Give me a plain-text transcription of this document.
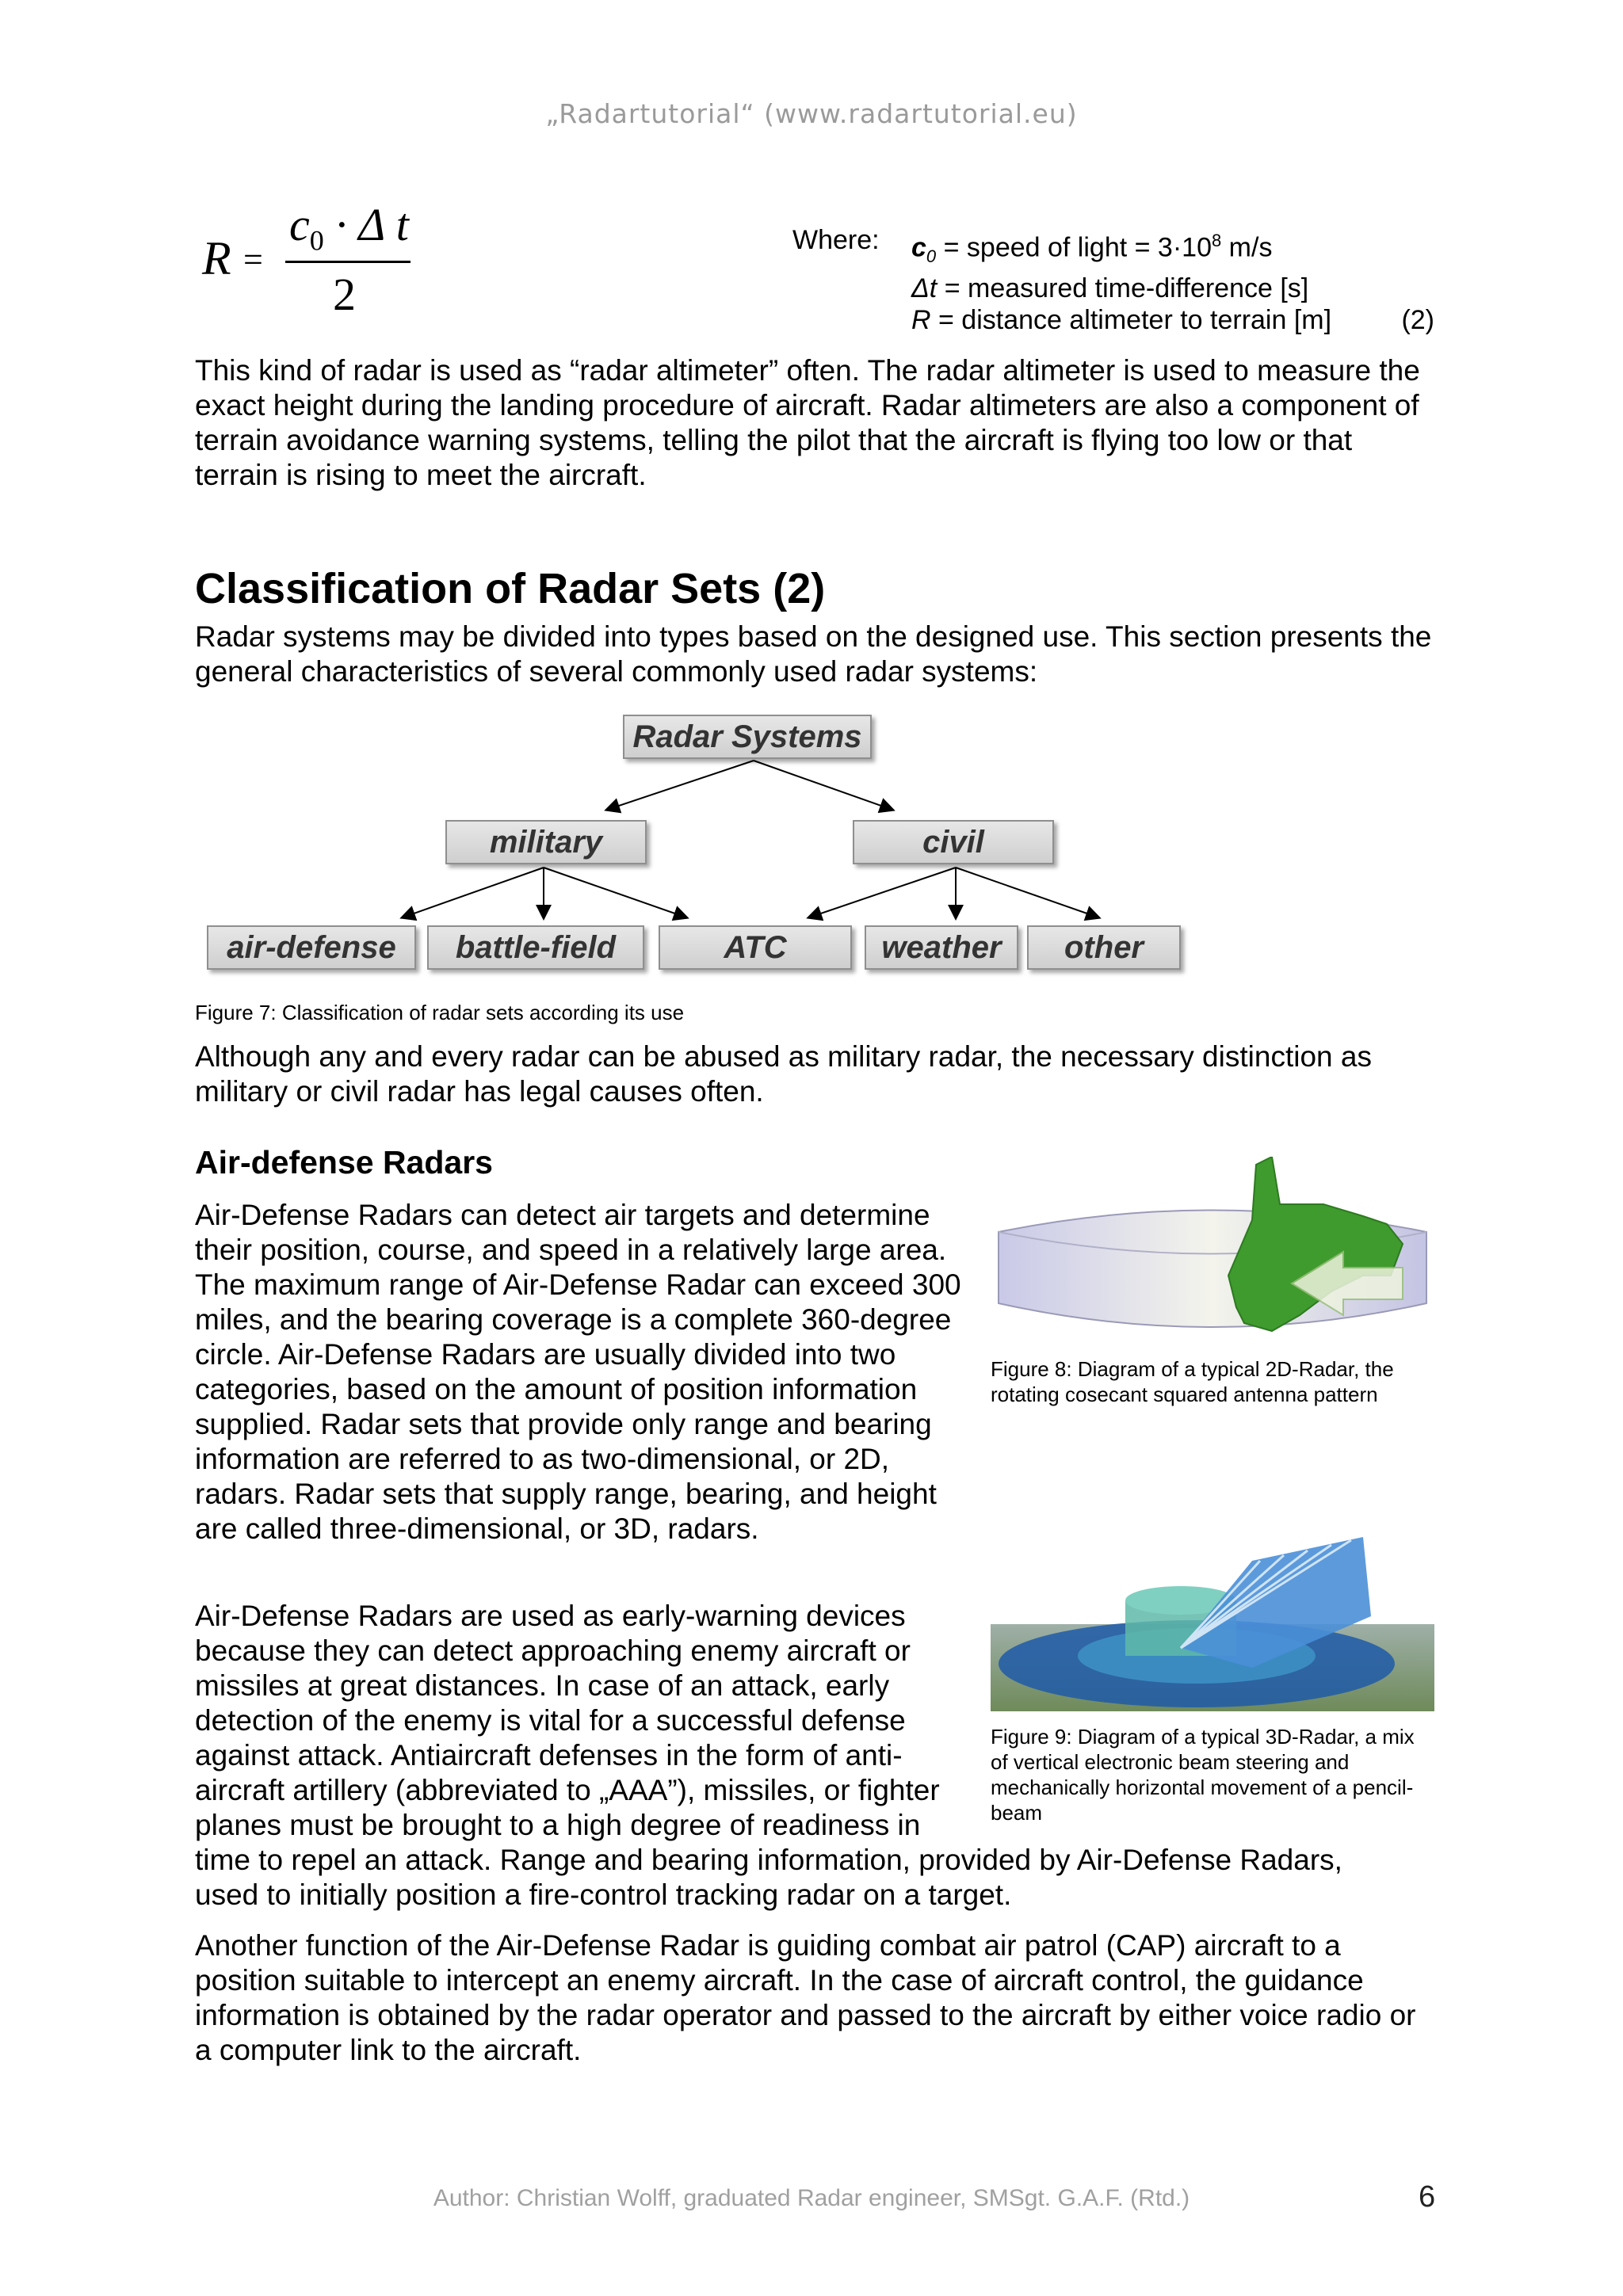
„Radartutorial“ (www.radartutorial.eu)
R =
$c_0 \cdot \Delta$ t
2
Where: $c_0$ = speed of light = $3\cdot 10^8$ m/s
Δt = measured time-difference [s]
R = distance altimeter to terrain [m]	(2)

This kind of radar is used as “radar altimeter” often. The radar altimeter is used to measure the exact height during the landing procedure of aircraft. Radar altimeters are also a component of terrain avoidance warning systems, telling the pilot that the aircraft is flying too low or that terrain is rising to meet the aircraft.

Classification of Radar Sets (2)

Radar systems may be divided into types based on the designed use. This section presents the general characteristics of several commonly used radar systems:

Radar Systems
military	civil
air-defense	battle-field	ATC	weather	other
Figure 7: Classification of radar sets according its use

Although any and every radar can be abused as military radar, the necessary distinction as military or civil radar has legal causes often.

Air-defense Radars

Air-Defense Radars can detect air targets and determine their position, course, and speed in a relatively large area. The maximum range of Air-Defense Radar can exceed 300 miles, and the bearing coverage is a complete 360-degree circle. Air-Defense Radars are usually divided into two categories, based on the amount of position information supplied. Radar sets that provide only range and bearing information are referred to as two-dimensional, or 2D, radars. Radar sets that supply range, bearing, and height are called three-dimensional, or 3D, radars.

Air-Defense Radars are used as early-warning devices
because they can detect approaching enemy aircraft or
missiles at great distances. In case of an attack, early
detection of the enemy is vital for a successful defense
against attack. Antiaircraft defenses in the form of anti-
aircraft artillery (abbreviated to „AAA”), missiles, or fighter
planes must be brought to a high degree of readiness in
time to repel an attack. Range and bearing information, provided by Air-Defense Radars,
used to initially position a fire-control tracking radar on a target.
Figure 8: Diagram of a typical 2D-Radar, the rotating cosecant squared antenna pattern
Figure 9: Diagram of a typical 3D-Radar, a mix of vertical electronic beam steering and mechanically horizontal movement of a pencil-beam

Another function of the Air-Defense Radar is guiding combat air patrol (CAP) aircraft to a position suitable to intercept an enemy aircraft. In the case of aircraft control, the guidance information is obtained by the radar operator and passed to the aircraft by either voice radio or a computer link to the aircraft.

Author: Christian Wolff, graduated Radar engineer, SMSgt. G.A.F. (Rtd.)	6
